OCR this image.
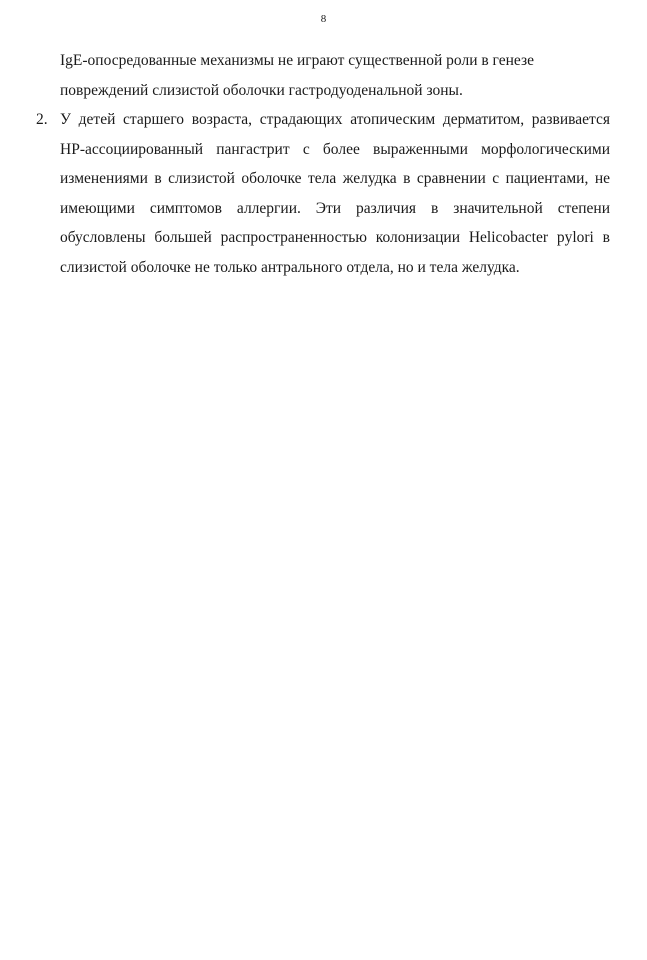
8

IgE-опосредованные механизмы не играют существенной роли в генезе
повреждений слизистой оболочки гастродуоденальной зоны.

2. У детей старшего возраста, страдающих атопическим дерматитом, развивается НР-ассоциированный пангастрит с более выраженными морфологическими изменениями в слизистой оболочке тела желудка в сравнении с пациентами, не имеющими симптомов аллергии. Эти различия в значительной степени обусловлены большей распространенностью колонизации Helicobacter pylori в слизистой оболочке не только антрального отдела, но и тела желудка.
